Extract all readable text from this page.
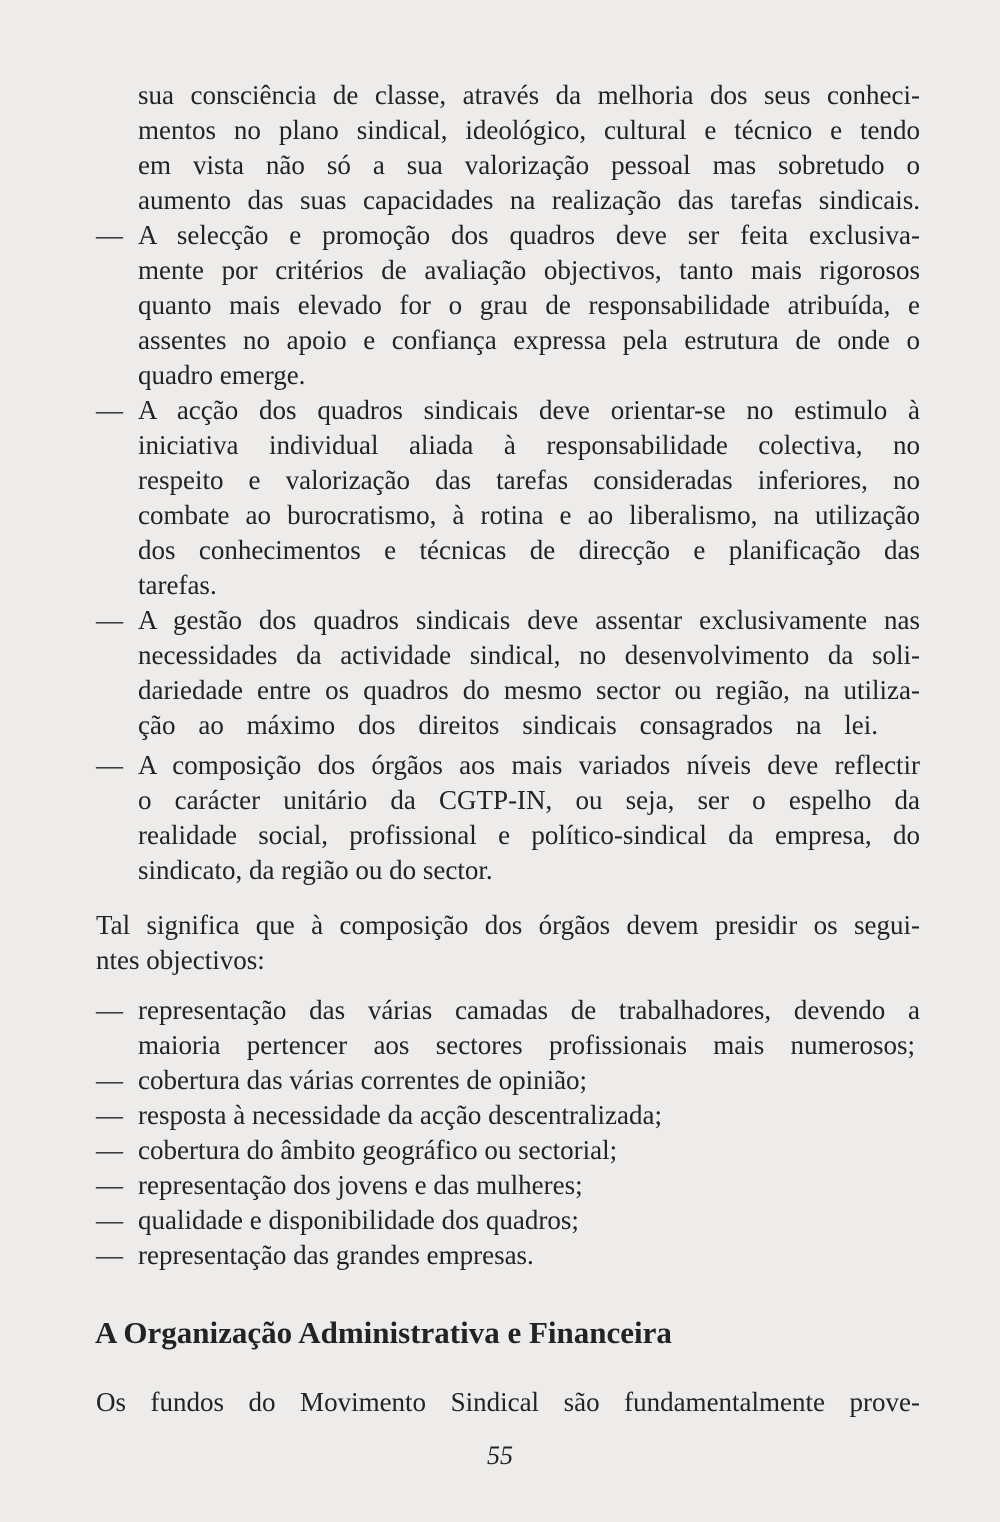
sua consciência de classe, através da melhoria dos seus conheci-
mentos no plano sindical, ideológico, cultural e técnico e tendo
em vista não só a sua valorização pessoal mas sobretudo o
aumento das suas capacidades na realização das tarefas sindicais.
— A selecção e promoção dos quadros deve ser feita exclusiva-
mente por critérios de avaliação objectivos, tanto mais rigorosos
quanto mais elevado for o grau de responsabilidade atribuída, e
assentes no apoio e confiança expressa pela estrutura de onde o
quadro emerge.
— A acção dos quadros sindicais deve orientar-se no estimulo à
iniciativa individual aliada à responsabilidade colectiva, no
respeito e valorização das tarefas consideradas inferiores, no
combate ao burocratismo, à rotina e ao liberalismo, na utilização
dos conhecimentos e técnicas de direcção e planificação das
tarefas.
— A gestão dos quadros sindicais deve assentar exclusivamente nas
necessidades da actividade sindical, no desenvolvimento da soli-
dariedade entre os quadros do mesmo sector ou região, na utiliza-
ção ao máximo dos direitos sindicais consagrados na lei.
— A composição dos órgãos aos mais variados níveis deve reflectir
o carácter unitário da CGTP-IN, ou seja, ser o espelho da
realidade social, profissional e político-sindical da empresa, do
sindicato, da região ou do sector.
Tal significa que à composição dos órgãos devem presidir os segui-
ntes objectivos:
— representação das várias camadas de trabalhadores, devendo a
maioria pertencer aos sectores profissionais mais numerosos;
— cobertura das várias correntes de opinião;
— resposta à necessidade da acção descentralizada;
— cobertura do âmbito geográfico ou sectorial;
— representação dos jovens e das mulheres;
— qualidade e disponibilidade dos quadros;
— representação das grandes empresas.
A Organização Administrativa e Financeira
Os fundos do Movimento Sindical são fundamentalmente prove-
55
